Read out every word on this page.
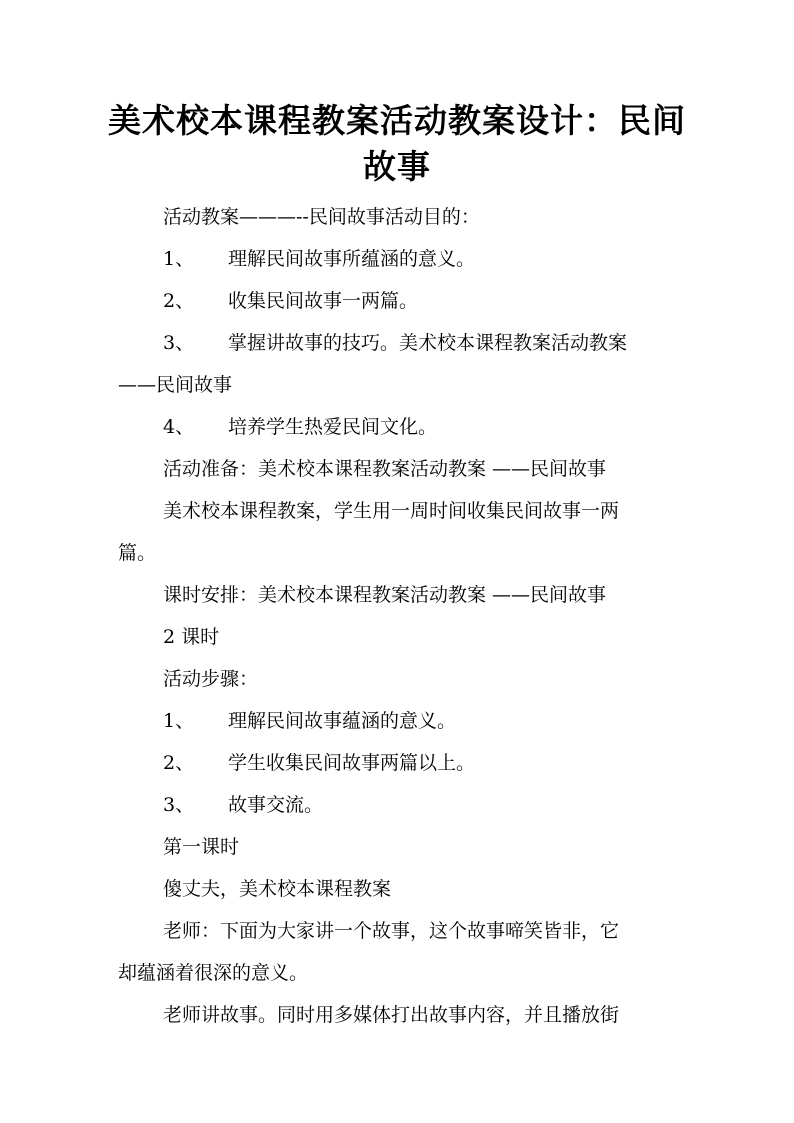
美术校本课程教案活动教案设计：民间
故事
活动教案———--民间故事活动目的：
1、 理解民间故事所蕴涵的意义。
2、 收集民间故事一两篇。
3、 掌握讲故事的技巧。美术校本课程教案活动教案
——民间故事
4、 培养学生热爱民间文化。
活动准备：美术校本课程教案活动教案 ——民间故事
美术校本课程教案，学生用一周时间收集民间故事一两
篇。
课时安排：美术校本课程教案活动教案 ——民间故事
2 课时
活动步骤：
1、 理解民间故事蕴涵的意义。
2、 学生收集民间故事两篇以上。
3、 故事交流。
第一课时
傻丈夫，美术校本课程教案
老师：下面为大家讲一个故事，这个故事啼笑皆非，它
却蕴涵着很深的意义。
老师讲故事。同时用多媒体打出故事内容，并且播放街
